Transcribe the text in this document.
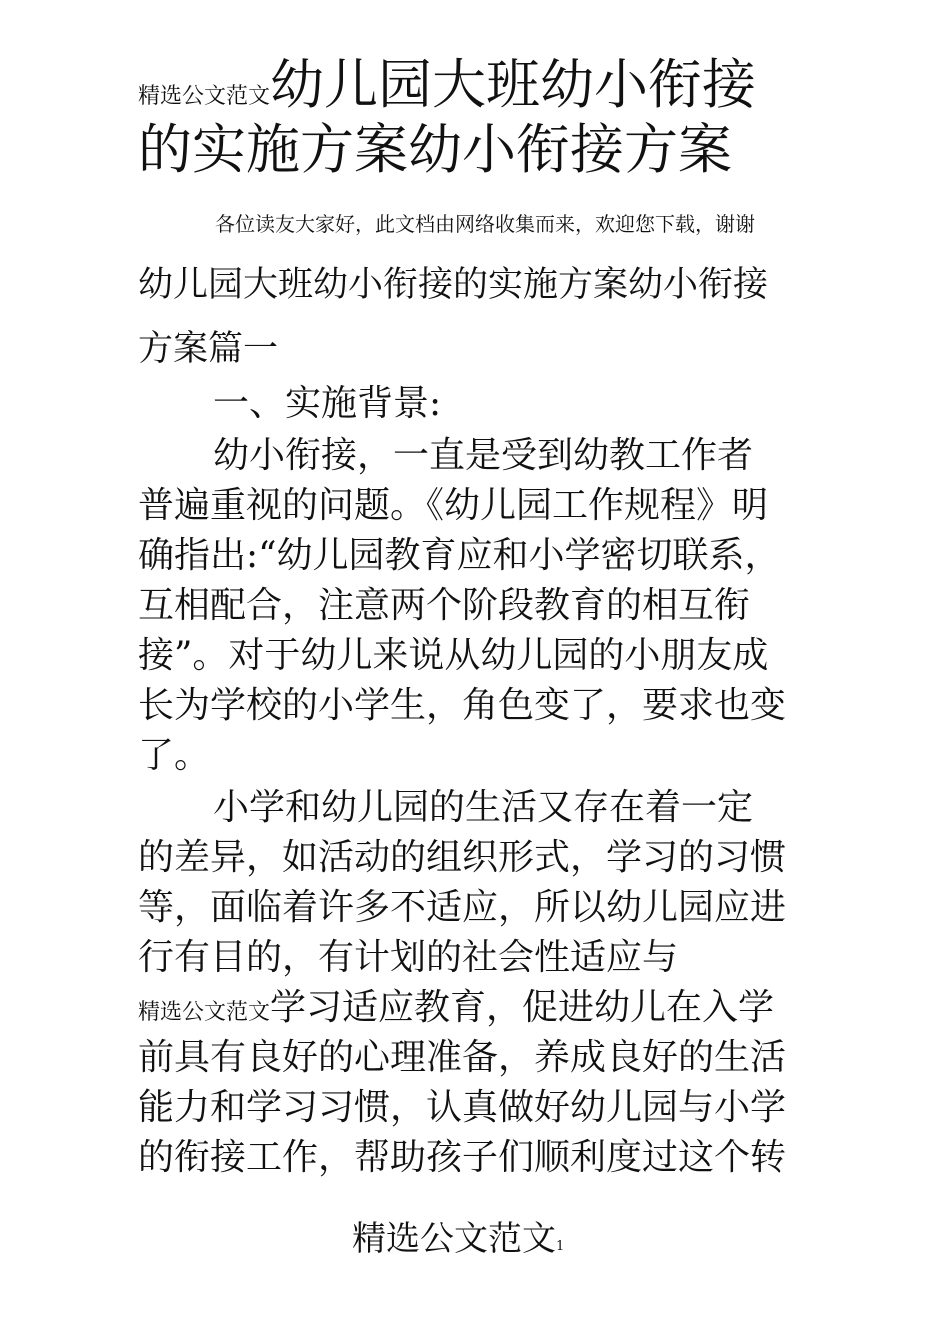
精选公文范文幼儿园大班幼小衔接
的实施方案幼小衔接方案
各位读友大家好，此文档由网络收集而来，欢迎您下载，谢谢
幼儿园大班幼小衔接的实施方案幼小衔接
方案篇一
一、实施背景:
幼小衔接，一直是受到幼教工作者
普遍重视的问题。《幼儿园工作规程》明
确指出:“幼儿园教育应和小学密切联系，
互相配合，注意两个阶段教育的相互衔
接”。对于幼儿来说从幼儿园的小朋友成
长为学校的小学生，角色变了，要求也变
了。
小学和幼儿园的生活又存在着一定
的差异，如活动的组织形式，学习的习惯
等，面临着许多不适应，所以幼儿园应进
行有目的，有计划的社会性适应与
精选公文范文学习适应教育，促进幼儿在入学
前具有良好的心理准备，养成良好的生活
能力和学习习惯，认真做好幼儿园与小学
的衔接工作，帮助孩子们顺利度过这个转
精选公文范文1
